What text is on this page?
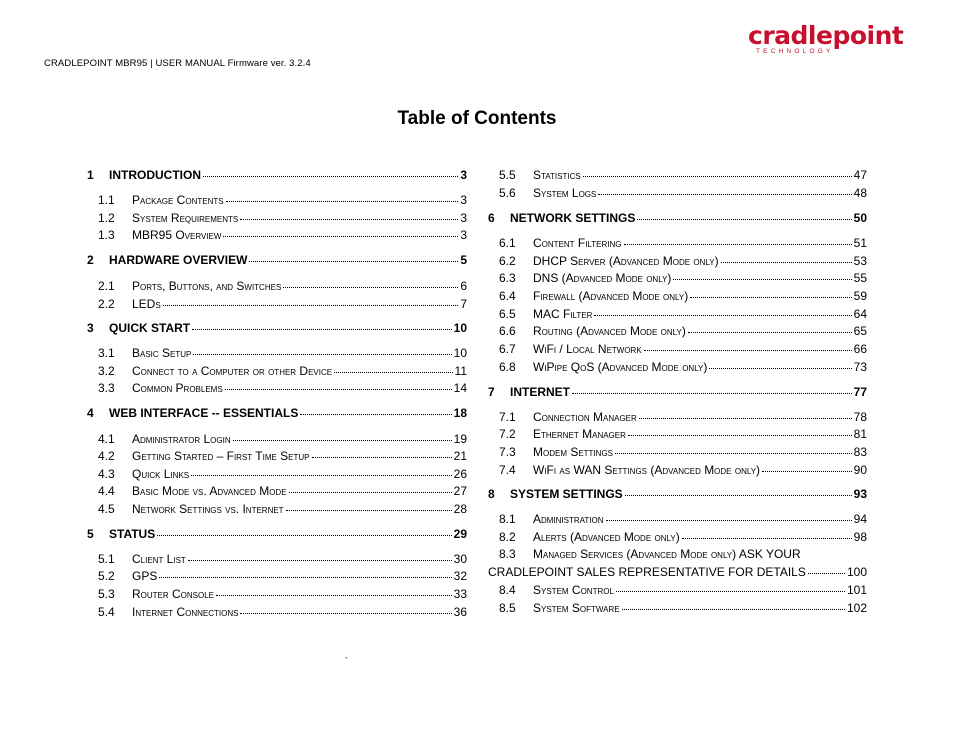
CRADLEPOINT MBR95 | USER MANUAL Firmware ver. 3.2.4
cradlepoint
TECHNOLOGY
Table of Contents
1	INTRODUCTION	3
1.1	Package Contents	3
1.2	System Requirements	3
1.3	MBR95 Overview	3
2	HARDWARE OVERVIEW	5
2.1	Ports, Buttons, and Switches	6
2.2	LEDs	7
3	QUICK START	10
3.1	Basic Setup	10
3.2	Connect to a Computer or other Device	11
3.3	Common Problems	14
4	WEB INTERFACE -- ESSENTIALS	18
4.1	Administrator Login	19
4.2	Getting Started – First Time Setup	21
4.3	Quick Links	26
4.4	Basic Mode vs. Advanced Mode	27
4.5	Network Settings vs. Internet	28
5	STATUS	29
5.1	Client List	30
5.2	GPS	32
5.3	Router Console	33
5.4	Internet Connections	36
5.5	Statistics	47
5.6	System Logs	48
6	NETWORK SETTINGS	50
6.1	Content Filtering	51
6.2	DHCP Server (Advanced Mode only)	53
6.3	DNS (Advanced Mode only)	55
6.4	Firewall (Advanced Mode only)	59
6.5	MAC Filter	64
6.6	Routing (Advanced Mode only)	65
6.7	WiFi / Local Network	66
6.8	WiPipe QoS (Advanced Mode only)	73
7	INTERNET	77
7.1	Connection Manager	78
7.2	Ethernet Manager	81
7.3	Modem Settings	83
7.4	WiFi as WAN Settings (Advanced Mode only)	90
8	SYSTEM SETTINGS	93
8.1	Administration	94
8.2	Alerts (Advanced Mode only)	98
8.3	Managed Services (Advanced Mode only) ASK YOUR
CRADLEPOINT SALES REPRESENTATIVE FOR DETAILS	100
8.4	System Control	101
8.5	System Software	102
`
